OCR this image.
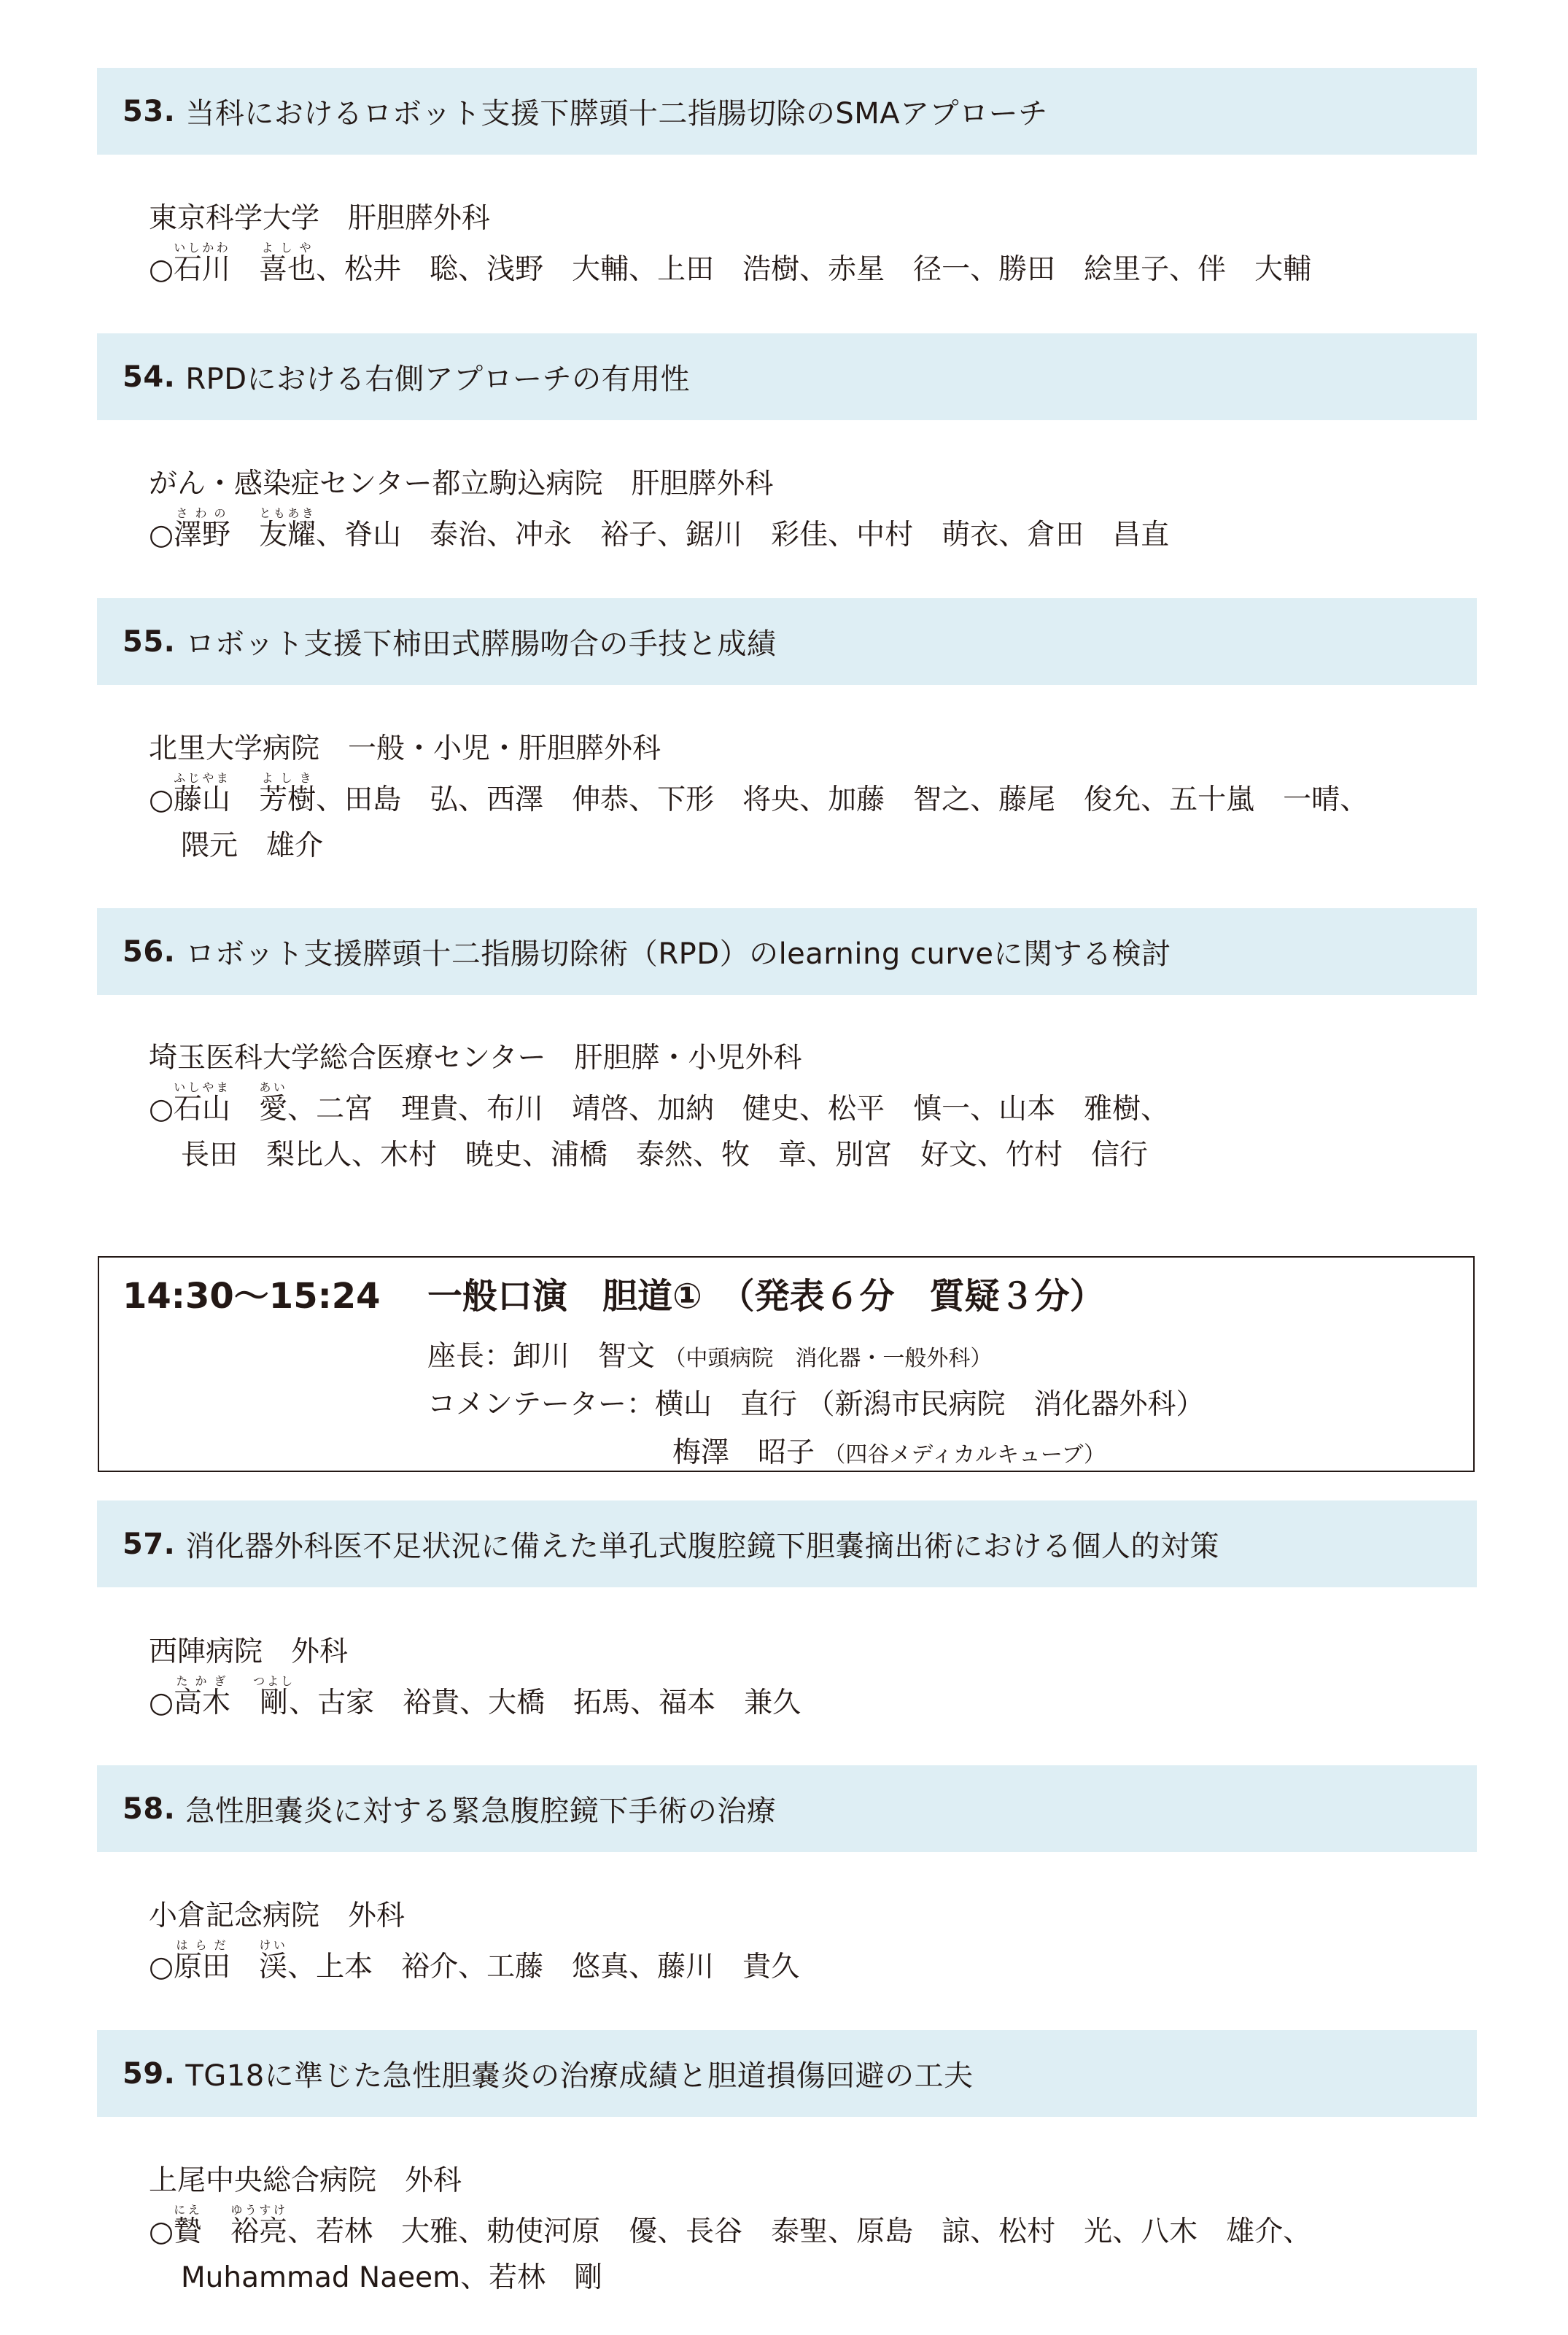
53. 当科におけるロボット支援下膵頭十二指腸切除のSMAアプローチ
東京科学大学　肝胆膵外科
○石川いしかわ　喜也よしや、松井　聡、浅野　大輔、上田　浩樹、赤星　径一、勝田　絵里子、伴　大輔
54. RPDにおける右側アプローチの有用性
がん・感染症センター都立駒込病院　肝胆膵外科
○澤野さわの　友耀ともあき、脊山　泰治、冲永　裕子、鋸川　彩佳、中村　萌衣、倉田　昌直
55. ロボット支援下柿田式膵腸吻合の手技と成績
北里大学病院　一般・小児・肝胆膵外科
○藤山ふじやま　芳樹よしき、田島　弘、西澤　伸恭、下形　将央、加藤　智之、藤尾　俊允、五十嵐　一晴、
隈元　雄介
56. ロボット支援膵頭十二指腸切除術（RPD）のlearning curveに関する検討
埼玉医科大学総合医療センター　肝胆膵・小児外科
○石山いしやま　愛あい、二宮　理貴、布川　靖啓、加納　健史、松平　慎一、山本　雅樹、
長田　梨比人、木村　暁史、浦橋　泰然、牧　章、別宮　好文、竹村　信行
14:30〜15:24 一般口演　胆道①　（発表６分　質疑３分）
座長：卸川　智文 （中頭病院　消化器・一般外科）
コメンテーター：横山　直行 （新潟市民病院　消化器外科）
梅澤　昭子 （四谷メディカルキューブ）
57. 消化器外科医不足状況に備えた単孔式腹腔鏡下胆嚢摘出術における個人的対策
西陣病院　外科
○高木たかぎ　剛つよし、古家　裕貴、大橋　拓馬、福本　兼久
58. 急性胆嚢炎に対する緊急腹腔鏡下手術の治療
小倉記念病院　外科
○原田はらだ　渓けい、上本　裕介、工藤　悠真、藤川　貴久
59. TG18に準じた急性胆嚢炎の治療成績と胆道損傷回避の工夫
上尾中央総合病院　外科
○贄にえ　裕亮ゆうすけ、若林　大雅、勅使河原　優、長谷　泰聖、原島　諒、松村　光、八木　雄介、
Muhammad Naeem、若林　剛
